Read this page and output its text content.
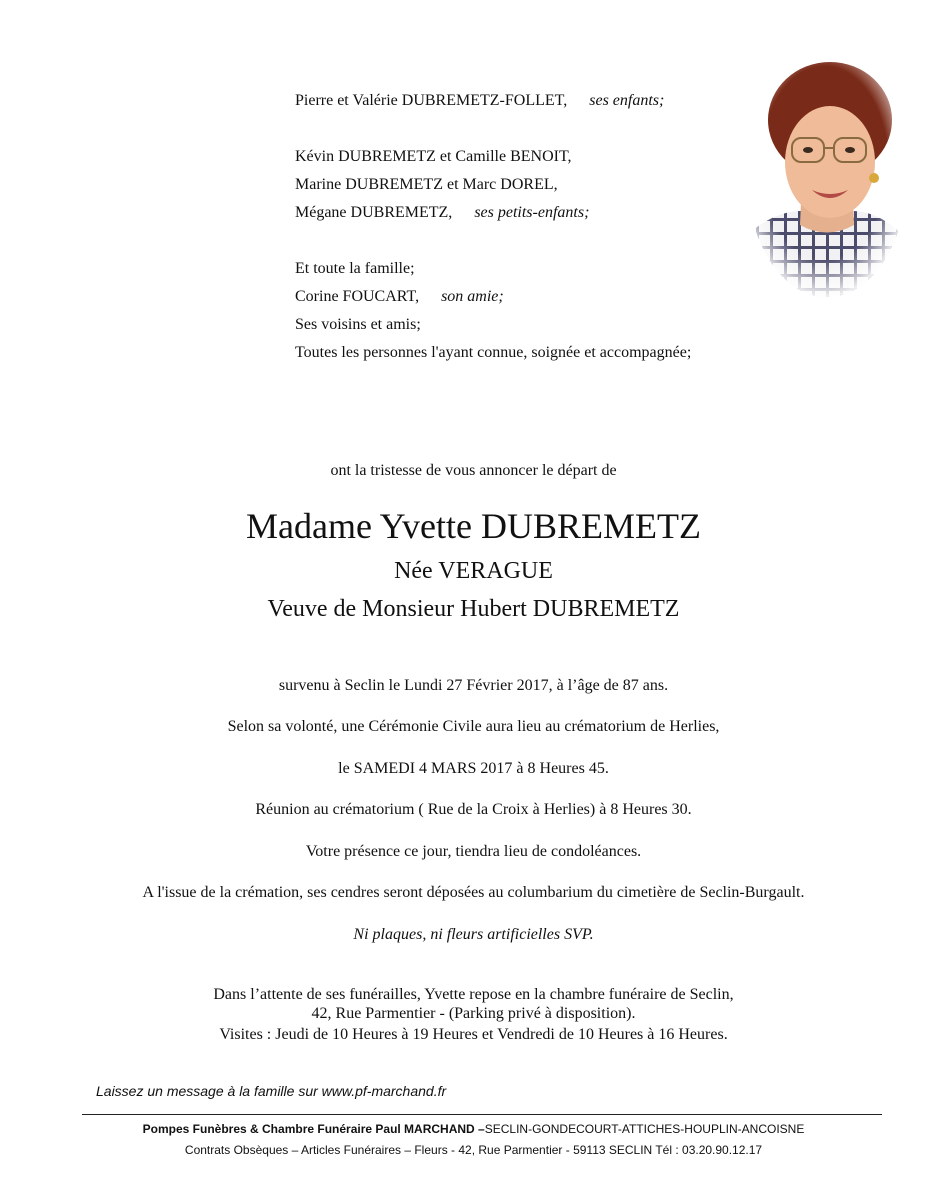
Pierre et Valérie DUBREMETZ-FOLLET, ses enfants;
Kévin DUBREMETZ et Camille BENOIT,
Marine DUBREMETZ et Marc DOREL,
Mégane DUBREMETZ, ses petits-enfants;
Et toute la famille;
Corine FOUCART, son amie;
Ses voisins et amis;
Toutes les personnes l'ayant connue, soignée et accompagnée;
ont la tristesse de vous annoncer le départ de
Madame Yvette DUBREMETZ
Née VERAGUE
Veuve de Monsieur Hubert DUBREMETZ
survenu à Seclin le Lundi 27 Février 2017, à l’âge de 87 ans.
Selon sa volonté, une Cérémonie Civile aura lieu au crématorium de Herlies,
le SAMEDI 4 MARS 2017 à 8 Heures 45.
Réunion au crématorium ( Rue de la Croix à Herlies) à 8 Heures 30.
Votre présence ce jour, tiendra lieu de condoléances.
A l'issue de la crémation, ses cendres seront déposées au columbarium du cimetière de Seclin-Burgault.
Ni plaques, ni fleurs artificielles SVP.
Dans l’attente de ses funérailles, Yvette repose en la chambre funéraire de Seclin,
42, Rue Parmentier - (Parking privé à disposition).
Visites : Jeudi de 10 Heures à 19 Heures et Vendredi de 10 Heures à 16 Heures.
Laissez un message à la famille sur www.pf-marchand.fr
Pompes Funèbres & Chambre Funéraire Paul MARCHAND –SECLIN-GONDECOURT-ATTICHES-HOUPLIN-ANCOISNE
Contrats Obsèques – Articles Funéraires – Fleurs - 42, Rue Parmentier - 59113 SECLIN Tél : 03.20.90.12.17
